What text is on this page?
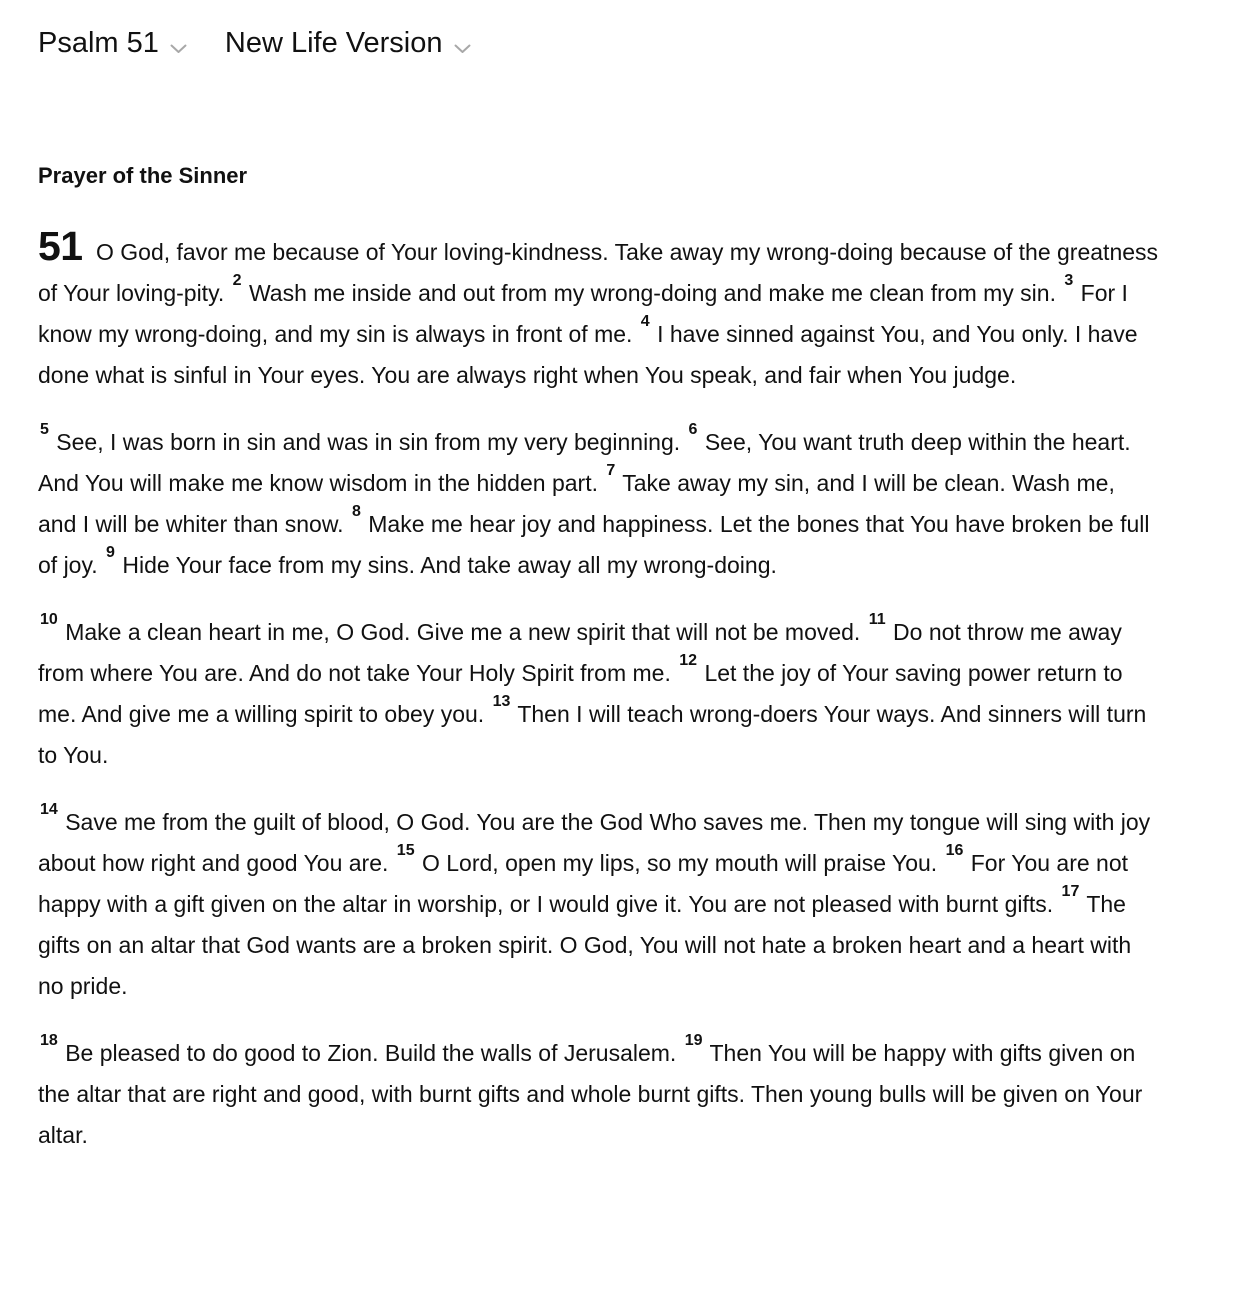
Psalm 51 New Life Version
Prayer of the Sinner

51 O God, favor me because of Your loving-kindness. Take away my wrong-doing because of the greatness of Your loving-pity. $^2$ Wash me inside and out from my wrong-doing and make me clean from my sin. $^3$ For I know my wrong-doing, and my sin is always in front of me. $^4$ I have sinned against You, and You only. I have done what is sinful in Your eyes. You are always right when You speak, and fair when You judge.

$^5$ See, I was born in sin and was in sin from my very beginning. $^6$ See, You want truth deep within the heart. And You will make me know wisdom in the hidden part. $^7$ Take away my sin, and I will be clean. Wash me, and I will be whiter than snow. $^8$ Make me hear joy and happiness. Let the bones that You have broken be full of joy. $^9$ Hide Your face from my sins. And take away all my wrong-doing.

$^{10}$ Make a clean heart in me, O God. Give me a new spirit that will not be moved. $^{11}$ Do not throw me away from where You are. And do not take Your Holy Spirit from me. $^{12}$ Let the joy of Your saving power return to me. And give me a willing spirit to obey you. $^{13}$ Then I will teach wrong-doers Your ways. And sinners will turn to You.

$^{14}$ Save me from the guilt of blood, O God. You are the God Who saves me. Then my tongue will sing with joy about how right and good You are. $^{15}$ O Lord, open my lips, so my mouth will praise You. $^{16}$ For You are not happy with a gift given on the altar in worship, or I would give it. You are not pleased with burnt gifts. $^{17}$ The gifts on an altar that God wants are a broken spirit. O God, You will not hate a broken heart and a heart with no pride.

$^{18}$ Be pleased to do good to Zion. Build the walls of Jerusalem. $^{19}$ Then You will be happy with gifts given on the altar that are right and good, with burnt gifts and whole burnt gifts. Then young bulls will be given on Your altar.
